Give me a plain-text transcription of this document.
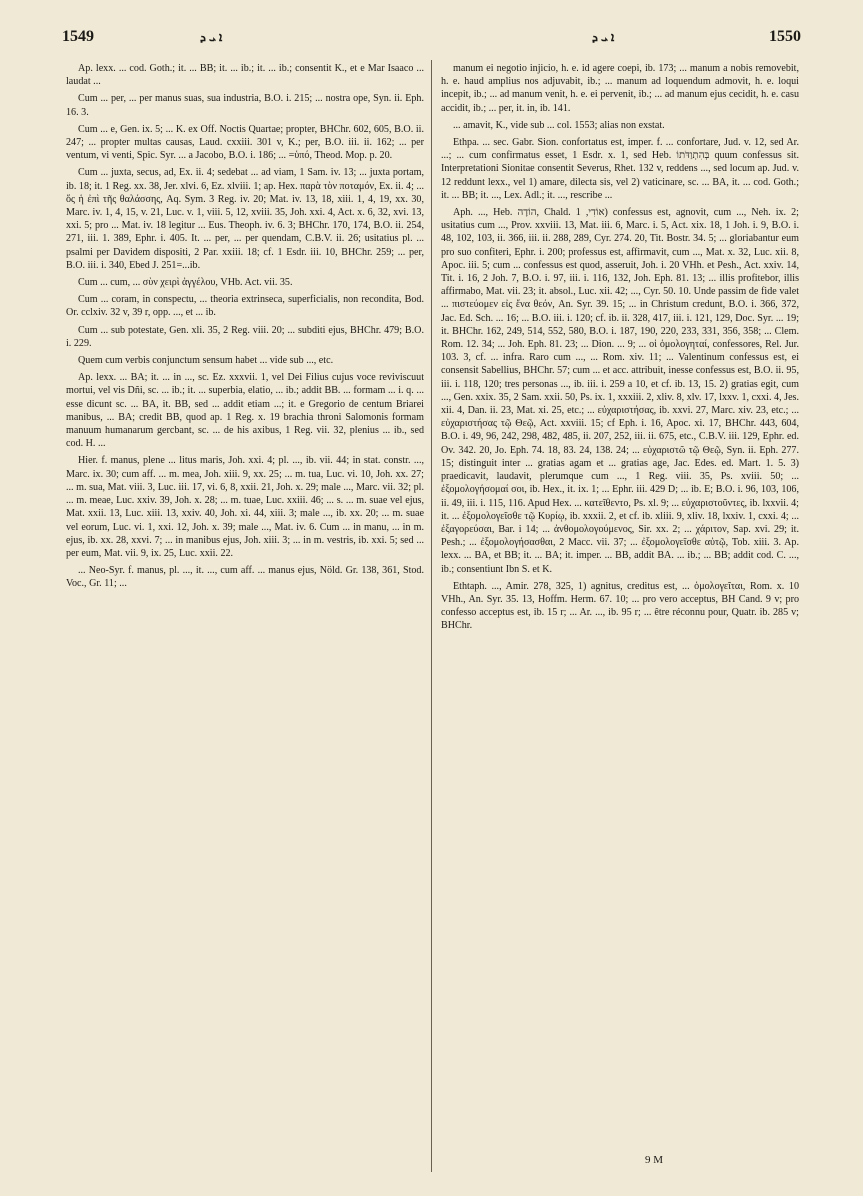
1549	ܐ ܝ ܕ	ܐ ܝ ܕ	1550

Ap. lexx. ... cod. Goth.; it. ... BB; it. ... ib.; it. ... ib.; consentit K., et e Mar Isaaco ... laudat ...

Cum ... per, ... per manus suas, sua industria, B.O. i. 215; ... nostra ope, Syn. ii. Eph. 16. 3.

Cum ... e, Gen. ix. 5; ... K. ex Off. Noctis Quartae; propter, BHChr. 602, 605, B.O. ii. 247; ... propter multas causas, Laud. cxxiii. 301 v, K.; per, B.O. iii. ii. 162; ... per ventum, vi venti, Spic. Syr. ... a Jacobo, B.O. i. 186; ... =ὑπό, Theod. Mop. p. 20.

Cum ... juxta, secus, ad, Ex. ii. 4; sedebat ... ad viam, 1 Sam. iv. 13; ... juxta portam, ib. 18; it. 1 Reg. xx. 38, Jer. xlvi. 6, Ez. xlviii. 1; ap. Hex. παρὰ τὸν ποταμόν, Ex. ii. 4; ... ὅς ἡ ἐπὶ τῆς θαλάσσης, Aq. Sym. 3 Reg. iv. 20; Mat. iv. 13, 18, xiii. 1, 4, 19, xx. 30, Marc. iv. 1, 4, 15, v. 21, Luc. v. 1, viii. 5, 12, xviii. 35, Joh. xxi. 4, Act. x. 6, 32, xvi. 13, xxi. 5; pro ... Mat. iv. 18 legitur ... Eus. Theoph. iv. 6. 3; BHChr. 170, 174, B.O. ii. 254, 271, iii. 1. 389, Ephr. i. 405. It. ... per, ... per quendam, C.B.V. ii. 26; usitatius pl. ... psalmi per Davidem dispositi, 2 Par. xxiii. 18; cf. 1 Esdr. iii. 10, BHChr. 259; ... per, B.O. iii. i. 340, Ebed J. 251=...ib.

Cum ... cum, ... σὺν χειρὶ ἀγγέλου, VHb. Act. vii. 35.

Cum ... coram, in conspectu, ... theoria extrinseca, superficialis, non recondita, Bod. Or. cclxiv. 32 v, 39 r, opp. ..., et ... ib.

Cum ... sub potestate, Gen. xli. 35, 2 Reg. viii. 20; ... subditi ejus, BHChr. 479; B.O. i. 229.

Quem cum verbis conjunctum sensum habet ... vide sub ..., etc.

Ap. lexx. ... BA; it. ... in ..., sc. Ez. xxxvii. 1, vel Dei Filius cujus voce reviviscuut mortui, vel vis Dñi, sc. ... ib.; it. ... superbia, elatio, ... ib.; addit BB. ... formam ... i. q. ... esse dicunt sc. ... BA, it. BB, sed ... addit etiam ...; it. e Gregorio de centum Briarei manibus, ... BA; credit BB, quod ap. 1 Reg. x. 19 brachia throni Salomonis formam manuum humanarum gercbant, sc. ... de his axibus, 1 Reg. vii. 32, plenius ... ib., sed cod. H. ...

Hier. f. manus, plene ... litus maris, Joh. xxi. 4; pl. ..., ib. vii. 44; in stat. constr. ..., Marc. ix. 30; cum aff. ... m. mea, Joh. xiii. 9, xx. 25; ... m. tua, Luc. vi. 10, Joh. xx. 27; ... m. sua, Mat. viii. 3, Luc. iii. 17, vi. 6, 8, xxii. 21, Joh. x. 29; male ..., Marc. vii. 32; pl. ... m. meae, Luc. xxiv. 39, Joh. x. 28; ... m. tuae, Luc. xxiii. 46; ... s. ... m. suae vel ejus, Mat. xxii. 13, Luc. xiii. 13, xxiv. 40, Joh. xi. 44, xiii. 3; male ..., ib. xx. 20; ... m. suae vel eorum, Luc. vi. 1, xxi. 12, Joh. x. 39; male ..., Mat. iv. 6. Cum ... in manu, ... in m. ejus, ib. xx. 28, xxvi. 7; ... in manibus ejus, Joh. xiii. 3; ... in m. vestris, ib. xxi. 5; sed ... per eum, Mat. vii. 9, ix. 25, Luc. xxii. 22.

... Neo-Syr. f. manus, pl. ..., it. ..., cum aff. ... manus ejus, Nöld. Gr. 138, 361, Stod. Voc., Gr. 11; ...

manum ei negotio injicio, h. e. id agere coepi, ib. 173; ... manum a nobis removebit, h. e. haud amplius nos adjuvabit, ib.; ... manum ad loquendum admovit, h. e. loqui incepit, ib.; ... ad manum venit, h. e. ei pervenit, ib.; ... ad manum ejus cecidit, h. e. casu accidit, ib.; ... per, it. in, ib. 141.

... amavit, K., vide sub ... col. 1553; alias non exstat.

Ethpa. ... sec. Gabr. Sion. confortatus est, imper. f. ... confortare, Jud. v. 12, sed Ar. ...; ... cum confirmatus esset, 1 Esdr. x. 1, sed Heb. בְּהִתְוַדֹּתוֹ quum confessus sit. Interpretationi Sionitae consentit Severus, Rhet. 132 v, reddens ..., sed locum ap. Jud. v. 12 reddunt lexx., vel 1) amare, dilecta sis, vel 2) vaticinare, sc. ... BA, it. ... cod. Goth.; it. ... BB; it. ..., Lex. Adl.; it. ..., rescribe ...

Aph. ..., Heb. הוֹדָה, Chald. אוֹדִי, 1) confessus est, agnovit, cum ..., Neh. ix. 2; usitatius cum ..., Prov. xxviii. 13, Mat. iii. 6, Marc. i. 5, Act. xix. 18, 1 Joh. i. 9, B.O. i. 48, 102, 103, ii. 366, iii. ii. 288, 289, Cyr. 274. 20, Tit. Bostr. 34. 5; ... gloriabantur eum pro suo confiteri, Ephr. i. 200; professus est, affirmavit, cum ..., Mat. x. 32, Luc. xii. 8, Apoc. iii. 5; cum ... confessus est quod, asseruit, Joh. i. 20 VHh. et Pesh., Act. xxiv. 14, Tit. i. 16, 2 Joh. 7, B.O. i. 97, iii. i. 116, 132, Joh. Eph. 81. 13; ... illis profitebor, illis affirmabo, Mat. vii. 23; it. absol., Luc. xii. 42; ..., Cyr. 50. 10. Unde passim de fide valet ... πιστεύομεν εἰς ἕνα θεόν, An. Syr. 39. 15; ... in Christum credunt, B.O. i. 366, 372, Jac. Ed. Sch. ... 16; ... B.O. iii. i. 120; cf. ib. ii. 328, 417, iii. i. 121, 129, Doc. Syr. ... 19; it. BHChr. 162, 249, 514, 552, 580, B.O. i. 187, 190, 220, 233, 331, 356, 358; ... Clem. Rom. 12. 34; ... Joh. Eph. 81. 23; ... Dion. ... 9; ... οἱ ὁμολογηταί, confessores, Rel. Jur. 103. 3, cf. ... infra. Raro cum ..., ... Rom. xiv. 11; ... Valentinum confessus est, ei consensit Sabellius, BHChr. 57; cum ... et acc. attribuit, inesse confessus est, B.O. ii. 95, iii. i. 118, 120; tres personas ..., ib. iii. i. 259 a 10, et cf. ib. 13, 15. 2) gratias egit, cum ..., Gen. xxix. 35, 2 Sam. xxii. 50, Ps. ix. 1, xxxiii. 2, xliv. 8, xlv. 17, lxxv. 1, cxxi. 4, Jes. xii. 4, Dan. ii. 23, Mat. xi. 25, etc.; ... εὐχαριστήσας, ib. xxvi. 27, Marc. xiv. 23, etc.; ... εὐχαριστήσας τῷ Θεῷ, Act. xxviii. 15; cf Eph. i. 16, Apoc. xi. 17, BHChr. 443, 604, B.O. i. 49, 96, 242, 298, 482, 485, ii. 207, 252, iii. ii. 675, etc., C.B.V. iii. 129, Ephr. ed. Ov. 342. 20, Jo. Eph. 74. 18, 83. 24, 138. 24; ... εὐχαριστῶ τῷ Θεῷ, Syn. ii. Eph. 277. 15; distinguit inter ... gratias agam et ... gratias age, Jac. Edes. ed. Mart. 1. 5. 3) praedicavit, laudavit, plerumque cum ..., 1 Reg. viii. 35, Ps. xviii. 50; ... ἐξομολογήσομαί σοι, ib. Hex., it. ix. 1; ... Ephr. iii. 429 D; ... ib. E; B.O. i. 96, 103, 106, ii. 49, iii. i. 115, 116. Apud Hex. ... κατεῖθεντο, Ps. xl. 9; ... εὐχαριστοῦντες, ib. lxxvii. 4; it. ... ἐξομολογεῖσθε τῷ Κυρίῳ, ib. xxxii. 2, et cf. ib. xliii. 9, xliv. 18, lxxiv. 1, cxxi. 4; ... ἐξαγορεύσαι, Bar. i 14; ... ἀνθομολογούμενος, Sir. xx. 2; ... χάριτον, Sap. xvi. 29; it. Pesh.; ... ἐξομολογήσασθαι, 2 Macc. vii. 37; ... ἐξομολογεῖσθε αὐτῷ, Tob. xiii. 3. Ap. lexx. ... BA, et BB; it. ... BA; it. imper. ... BB, addit BA. ... ib.; ... BB; addit cod. C. ..., ib.; consentiunt Ibn S. et K.

Ethtaph. ..., Amir. 278, 325, 1) agnitus, creditus est, ... ὁμολογεῖται, Rom. x. 10 VHh., An. Syr. 35. 13, Hoffm. Herm. 67. 10; ... pro vero acceptus, BH Cand. 9 v; pro confesso acceptus est, ib. 15 r; ... Ar. ..., ib. 95 r; ... être réconnu pour, Quatr. ib. 285 v; BHChr.

9 M
